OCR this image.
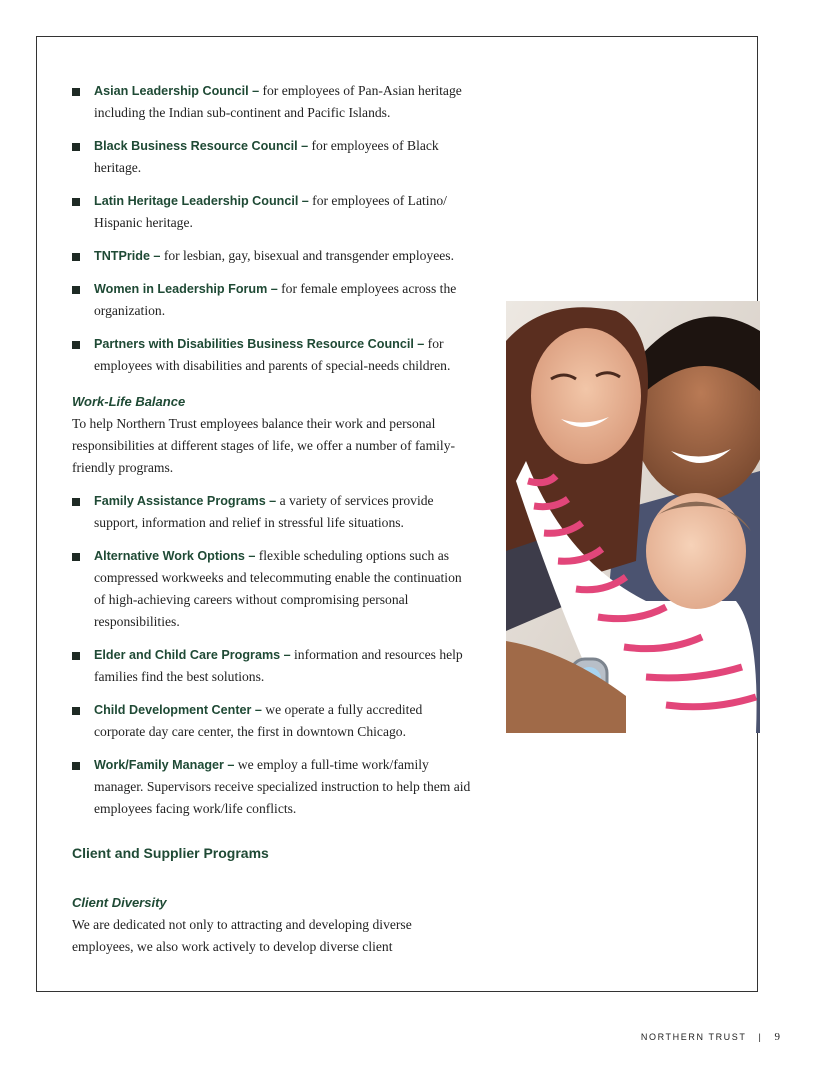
Asian Leadership Council – for employees of Pan-Asian heritage including the Indian sub-continent and Pacific Islands.
Black Business Resource Council – for employees of Black heritage.
Latin Heritage Leadership Council – for employees of Latino/ Hispanic heritage.
TNTPride – for lesbian, gay, bisexual and transgender employees.
Women in Leadership Forum – for female employees across the organization.
Partners with Disabilities Business Resource Council – for employees with disabilities and parents of special-needs children.
Work-Life Balance

To help Northern Trust employees balance their work and personal responsibilities at different stages of life, we offer a number of family-friendly programs.

Family Assistance Programs – a variety of services provide support, information and relief in stressful life situations.
Alternative Work Options – flexible scheduling options such as compressed workweeks and telecommuting enable the continuation of high-achieving careers without compromising personal responsibilities.
Elder and Child Care Programs – information and resources help families find the best solutions.
Child Development Center – we operate a fully accredited corporate day care center, the first in downtown Chicago.
Work/Family Manager – we employ a full-time work/family manager. Supervisors receive specialized instruction to help them aid employees facing work/life conflicts.
Client and Supplier Programs
Client Diversity

We are dedicated not only to attracting and developing diverse employees, we also work actively to develop diverse client

NORTHERN TRUST | 9
